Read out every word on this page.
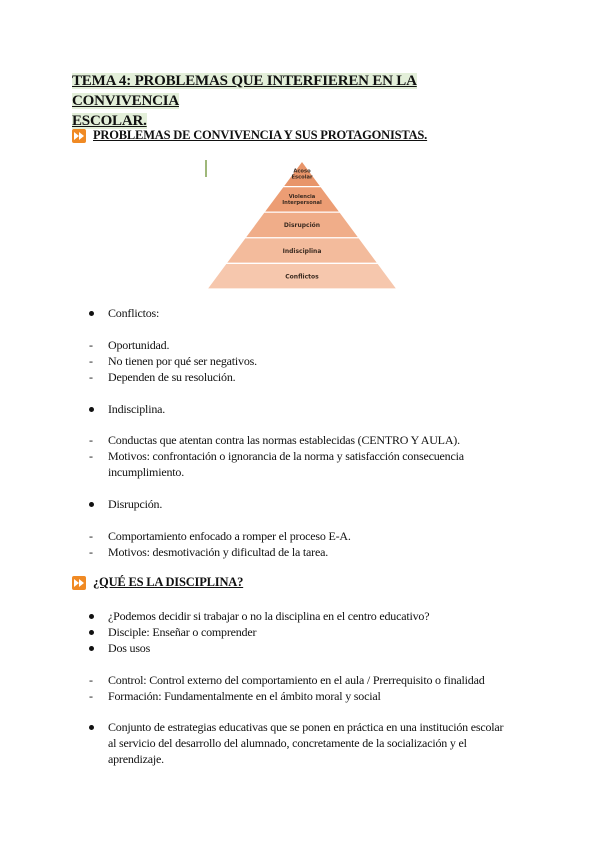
TEMA 4: PROBLEMAS QUE INTERFIEREN EN LA CONVIVENCIA
ESCOLAR.
PROBLEMAS DE CONVIVENCIA Y SUS PROTAGONISTAS.
Acoso Escolar
Violencia Interpersonal
Disrupción
Indisciplina
Conflictos
Conflictos:
- Oportunidad.
- No tienen por qué ser negativos.
- Dependen de su resolución.
Indisciplina.
- Conductas que atentan contra las normas establecidas (CENTRO Y AULA).
- Motivos: confrontación o ignorancia de la norma y satisfacción consecuencia
incumplimiento.
Disrupción.
- Comportamiento enfocado a romper el proceso E-A.
- Motivos: desmotivación y dificultad de la tarea.
¿QUÉ ES LA DISCIPLINA?
¿Podemos decidir si trabajar o no la disciplina en el centro educativo?
Disciple: Enseñar o comprender
Dos usos
- Control: Control externo del comportamiento en el aula / Prerrequisito o finalidad
- Formación: Fundamentalmente en el ámbito moral y social
Conjunto de estrategias educativas que se ponen en práctica en una institución escolar
al servicio del desarrollo del alumnado, concretamente de la socialización y el
aprendizaje.
